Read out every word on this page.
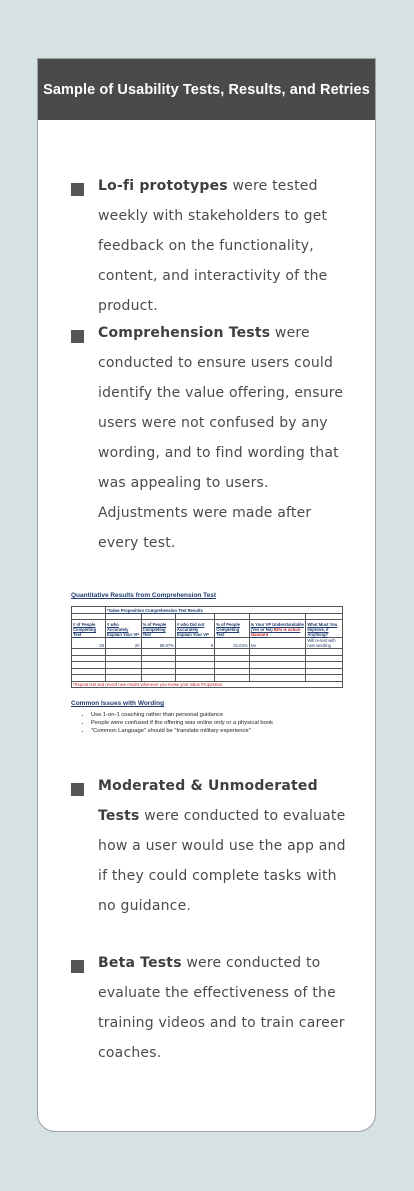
Sample of Usability Tests, Results, and Retries
Lo-fi prototypes were tested weekly with stakeholders to get feedback on the functionality, content, and interactivity of the product.
Comprehension Tests were conducted to ensure users could identify the value offering, ensure users were not confused by any wording, and to find wording that was appealing to users. Adjustments were made after every test.
Quantitative Results from Comprehension Test
	*Value Proposition Comprehension Test Results					

# of People Completing Test	# who Accurately Explain Your VP	% of People Completing Test	# who Did not Accurately Explain Your VP	% of People Completing Test	Is Your VP Understandable (Yes or No) 84% is action standard	What Must You Improve, if Anything?
29	20	68.97%	9	31.03%	No	Will re-test with new wording

*Repeat test and record new results whenever you revise your Value Proposition						
Common Issues with Wording
• Use 1-on-1 coaching rather than personal guidance
• People were confused if the offering was online only or a physical book
• "Common Language" should be "translate military experience"
Moderated & Unmoderated Tests were conducted to evaluate how a user would use the app and if they could complete tasks with no guidance.
Beta Tests were conducted to evaluate the effectiveness of the training videos and to train career coaches.
